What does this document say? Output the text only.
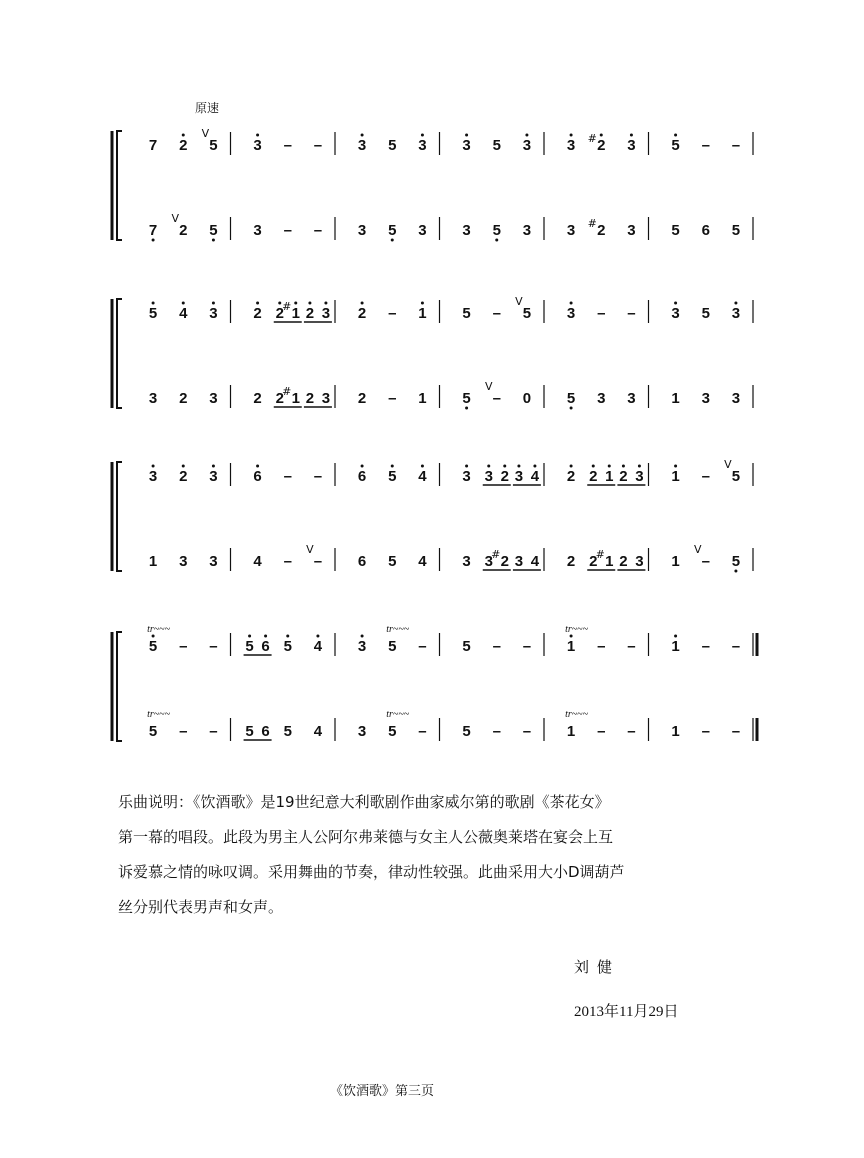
原速
7 2 5
V
3 – – 3 5 3 3 5 3 3 2
# 3 5 – –
7 2
V
5 3 – – 3 5 3 3 5 3 3 2
# 3 5 6 5
5 4 3 2 2 1
# 2 3 2 – 1 5 – 5
V
3 – – 3 5 3
3 2 3 2 2 1
# 2 3 2 – 1 5 –
V
0 5 3 3 1 3 3
3 2 3 6 – – 6 5 4 3 3 2 3 4 2 2 1 2 3 1 – 5
V
1 3 3 4 – –
V
6 5 4 3 3 2
# 3 4 2 2 1
# 2 3 1 –
V
5
5
tr~~~
– – 5 6 5 4 3 5
tr~~~
– 5 – – 1
tr~~~
– – 1 – –
5
tr~~~
– – 5 6 5 4 3 5
tr~~~
– 5 – – 1
tr~~~
– – 1 – –

乐曲说明：《饮酒歌》是19世纪意大利歌剧作曲家威尔第的歌剧《茶花女》

第一幕的唱段。此段为男主人公阿尔弗莱德与女主人公薇奥莱塔在宴会上互

诉爱慕之情的咏叹调。采用舞曲的节奏，律动性较强。此曲采用大小D调葫芦

丝分别代表男声和女声。

刘健
2013年11月29日
《饮酒歌》第三页
